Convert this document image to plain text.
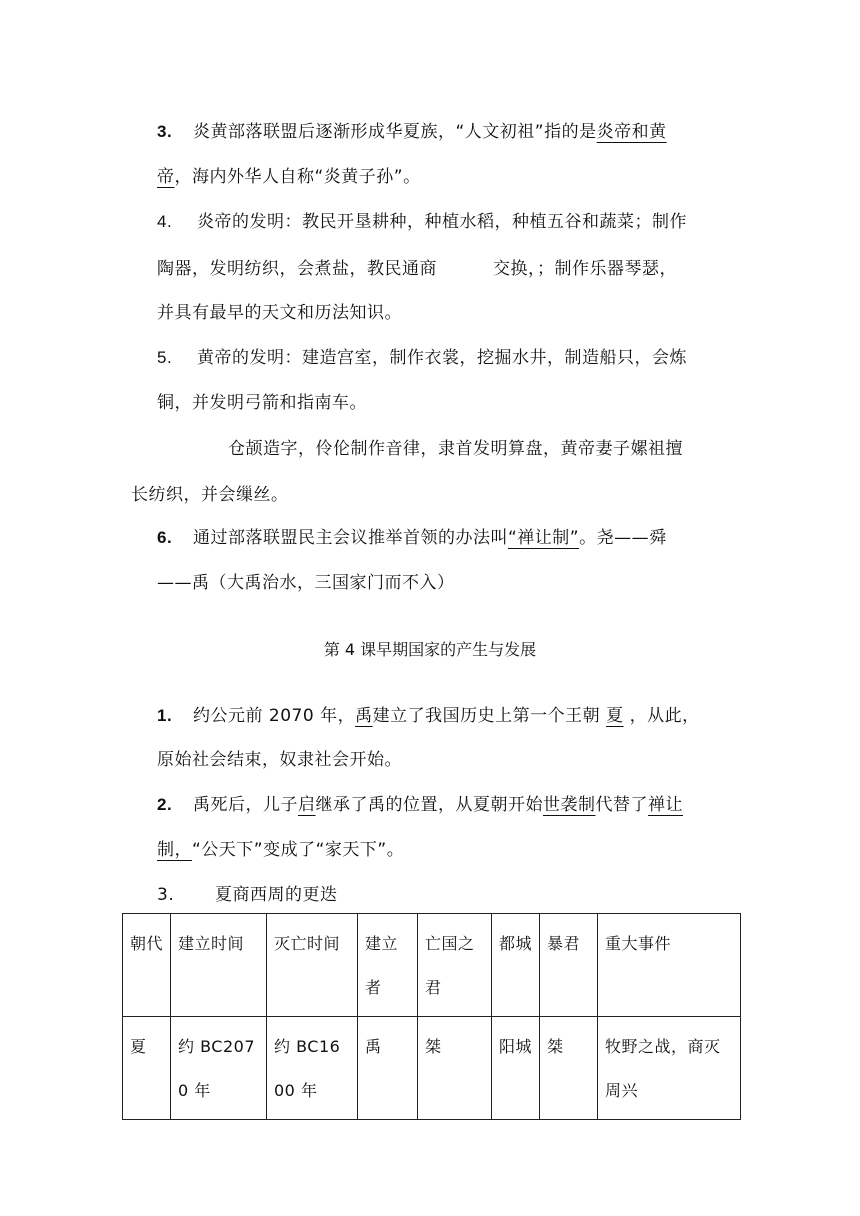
3. 炎黄部落联盟后逐渐形成华夏族，“人文初祖”指的是炎帝和黄
帝，海内外华人自称“炎黄子孙”。
4. 炎帝的发明：教民开垦耕种，种植水稻，种植五谷和蔬菜；制作
陶器，发明纺织，会煮盐，教民通商	交换，；制作乐器琴瑟，
并具有最早的天文和历法知识。
5. 黄帝的发明：建造宫室，制作衣裳，挖掘水井，制造船只，会炼
铜，并发明弓箭和指南车。
仓颉造字，伶伦制作音律，隶首发明算盘，黄帝妻子嫘祖擅
长纺织，并会缫丝。
6. 通过部落联盟民主会议推举首领的办法叫“禅让制”。尧——舜
——禹（大禹治水，三国家门而不入）
第 4 课早期国家的产生与发展
1. 约公元前 2070 年，禹建立了我国历史上第一个王朝 夏 ，从此，
原始社会结束，奴隶社会开始。
2. 禹死后，儿子启继承了禹的位置，从夏朝开始世袭制代替了禅让
制，“公天下”变成了“家天下”。
3. 夏商西周的更迭
朝代	建立时间	灭亡时间	建立者	亡国之君	都城	暴君	重大事件
夏	约 BC2070 年	约 BC1600 年	禹	桀	阳城	桀	牧野之战，商灭周兴
